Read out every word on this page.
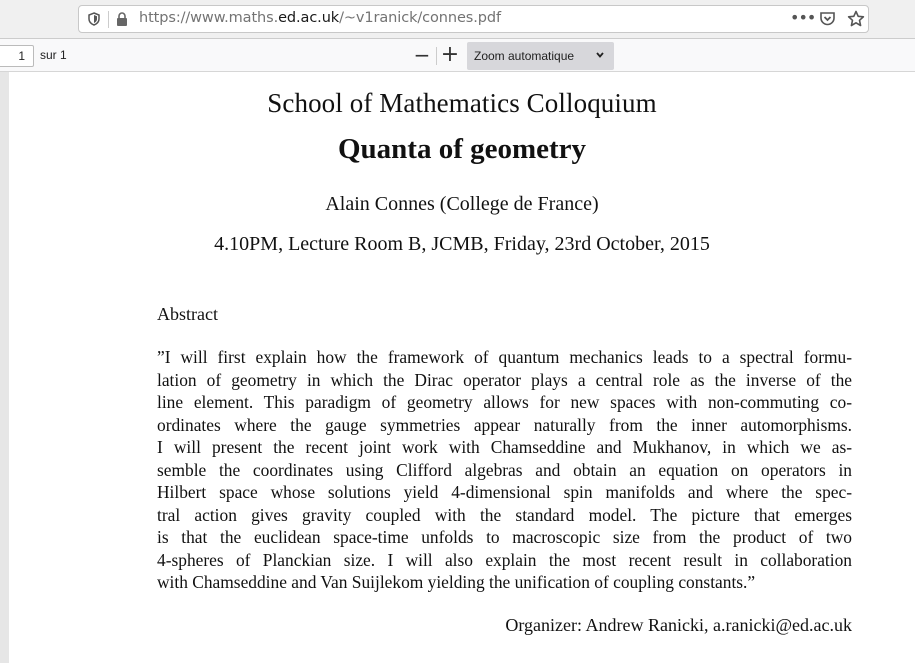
https://www.maths.ed.ac.uk/~v1ranick/connes.pdf	•••
1	sur 1	− +	Zoom automatique
School of Mathematics Colloquium
Quanta of geometry
Alain Connes (College de France)
4.10PM, Lecture Room B, JCMB, Friday, 23rd October, 2015
Abstract
”I will first explain how the framework of quantum mechanics leads to a spectral formu-
lation of geometry in which the Dirac operator plays a central role as the inverse of the
line element. This paradigm of geometry allows for new spaces with non-commuting co-
ordinates where the gauge symmetries appear naturally from the inner automorphisms.
I will present the recent joint work with Chamseddine and Mukhanov, in which we as-
semble the coordinates using Clifford algebras and obtain an equation on operators in
Hilbert space whose solutions yield 4-dimensional spin manifolds and where the spec-
tral action gives gravity coupled with the standard model. The picture that emerges
is that the euclidean space-time unfolds to macroscopic size from the product of two
4-spheres of Planckian size. I will also explain the most recent result in collaboration
with Chamseddine and Van Suijlekom yielding the unification of coupling constants.”
Organizer: Andrew Ranicki, a.ranicki@ed.ac.uk
